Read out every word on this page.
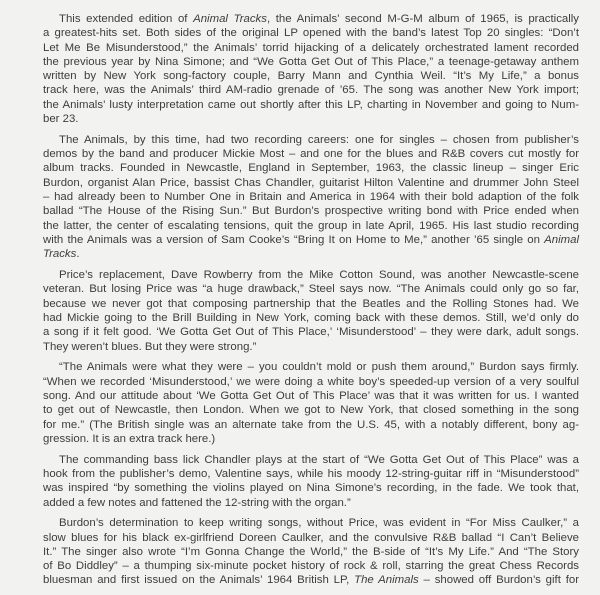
This extended edition of Animal Tracks, the Animals’ second M-G-M album of 1965, is practically
a greatest-hits set. Both sides of the original LP opened with the band’s latest Top 20 singles: “Don’t
Let Me Be Misunderstood,” the Animals’ torrid hijacking of a delicately orchestrated lament recorded
the previous year by Nina Simone; and “We Gotta Get Out of This Place,” a teenage-getaway anthem
written by New York song-factory couple, Barry Mann and Cynthia Weil. “It’s My Life,” a bonus
track here, was the Animals’ third AM-radio grenade of ’65. The song was another New York import;
the Animals’ lusty interpretation came out shortly after this LP, charting in November and going to Num-
ber 23.
The Animals, by this time, had two recording careers: one for singles – chosen from publisher’s
demos by the band and producer Mickie Most – and one for the blues and R&B covers cut mostly for
album tracks. Founded in Newcastle, England in September, 1963, the classic lineup – singer Eric
Burdon, organist Alan Price, bassist Chas Chandler, guitarist Hilton Valentine and drummer John Steel
– had already been to Number One in Britain and America in 1964 with their bold adaption of the folk
ballad “The House of the Rising Sun.” But Burdon’s prospective writing bond with Price ended when
the latter, the center of escalating tensions, quit the group in late April, 1965. His last studio recording
with the Animals was a version of Sam Cooke’s “Bring It on Home to Me,” another ’65 single on Animal
Tracks.
Price’s replacement, Dave Rowberry from the Mike Cotton Sound, was another Newcastle-scene
veteran. But losing Price was “a huge drawback,” Steel says now. “The Animals could only go so far,
because we never got that composing partnership that the Beatles and the Rolling Stones had. We
had Mickie going to the Brill Building in New York, coming back with these demos. Still, we’d only do
a song if it felt good. ‘We Gotta Get Out of This Place,’ ‘Misunderstood’ – they were dark, adult songs.
They weren’t blues. But they were strong.”
“The Animals were what they were – you couldn’t mold or push them around,” Burdon says firmly.
“When we recorded ‘Misunderstood,’ we were doing a white boy’s speeded-up version of a very soulful
song. And our attitude about ‘We Gotta Get Out of This Place’ was that it was written for us. I wanted
to get out of Newcastle, then London. When we got to New York, that closed something in the song
for me.” (The British single was an alternate take from the U.S. 45, with a notably different, bony ag-
gression. It is an extra track here.)
The commanding bass lick Chandler plays at the start of “We Gotta Get Out of This Place” was a
hook from the publisher’s demo, Valentine says, while his moody 12-string-guitar riff in “Misunderstood”
was inspired “by something the violins played on Nina Simone’s recording, in the fade. We took that,
added a few notes and fattened the 12-string with the organ.”
Burdon’s determination to keep writing songs, without Price, was evident in “For Miss Caulker,” a
slow blues for his black ex-girlfriend Doreen Caulker, and the convulsive R&B ballad “I Can’t Believe
It.” The singer also wrote “I’m Gonna Change the World,” the B-side of “It’s My Life.” And “The Story
of Bo Diddley” – a thumping six-minute pocket history of rock & roll, starring the great Chess Records
bluesman and first issued on the Animals’ 1964 British LP, The Animals – showed off Burdon’s gift for
